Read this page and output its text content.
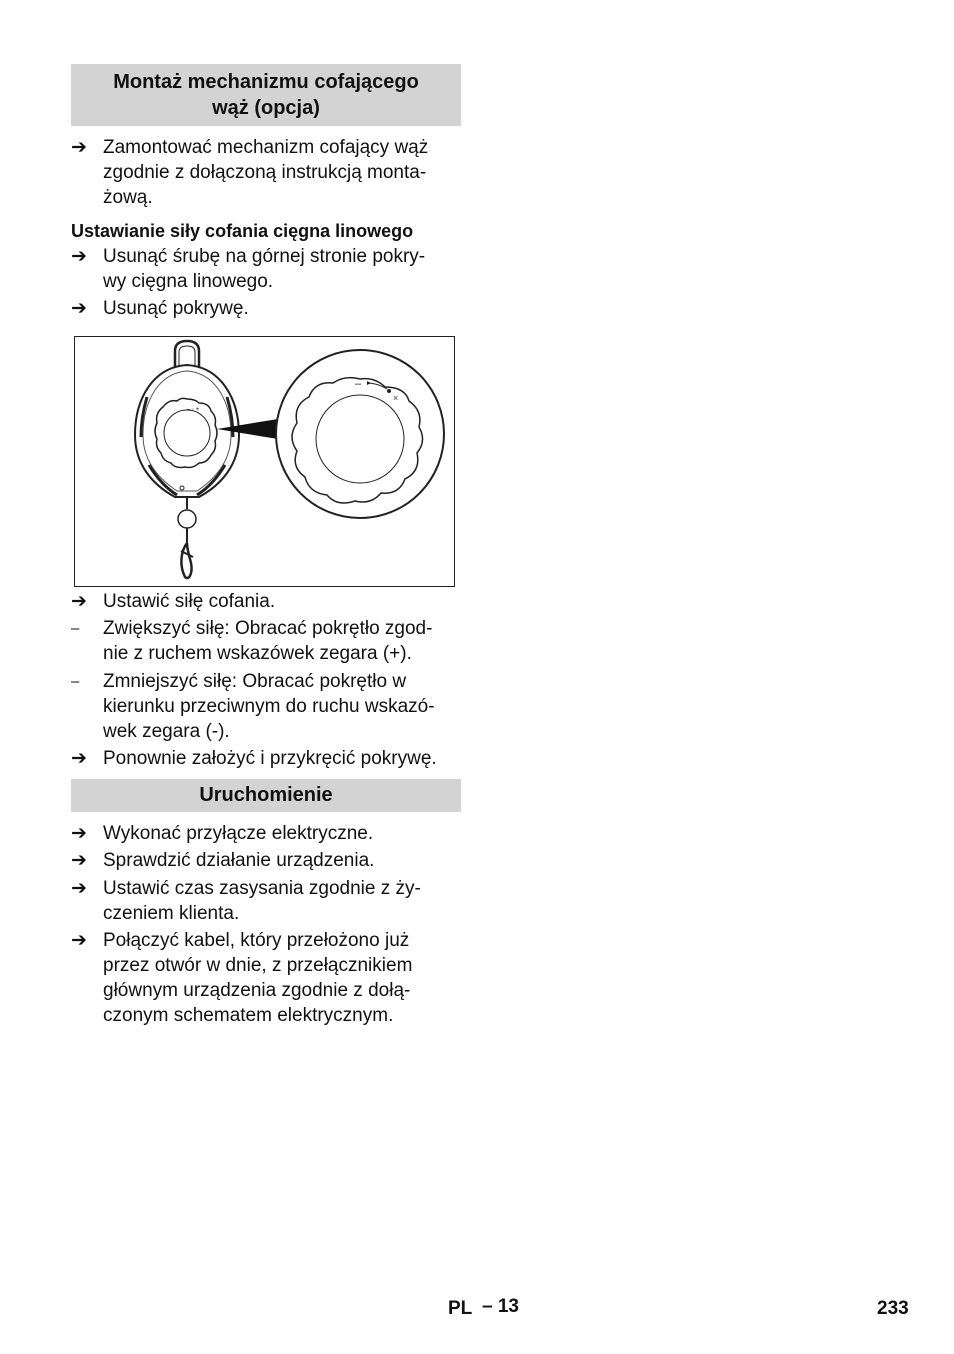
Montaż mechanizmu cofającego
wąż (opcja)
➔ Zamontować mechanizm cofający wąż
zgodnie z dołączoną instrukcją monta-
żową.
Ustawianie siły cofania cięgna linowego
➔ Usunąć śrubę na górnej stronie pokry-
wy cięgna linowego.
➔ Usunąć pokrywę.
– ◦ +
–
×
➔ Ustawić siłę cofania.
–	Zwiększyć siłę: Obracać pokrętło zgod-
nie z ruchem wskazówek zegara (+).
–	Zmniejszyć siłę: Obracać pokrętło w
kierunku przeciwnym do ruchu wskazó-
wek zegara (-).
➔ Ponownie założyć i przykręcić pokrywę.
Uruchomienie
➔ Wykonać przyłącze elektryczne.
➔ Sprawdzić działanie urządzenia.
➔ Ustawić czas zasysania zgodnie z ży-
czeniem klienta.
➔ Połączyć kabel, który przełożono już
przez otwór w dnie, z przełącznikiem
głównym urządzenia zgodnie z dołą-
czonym schematem elektrycznym.
PL – 13	233
